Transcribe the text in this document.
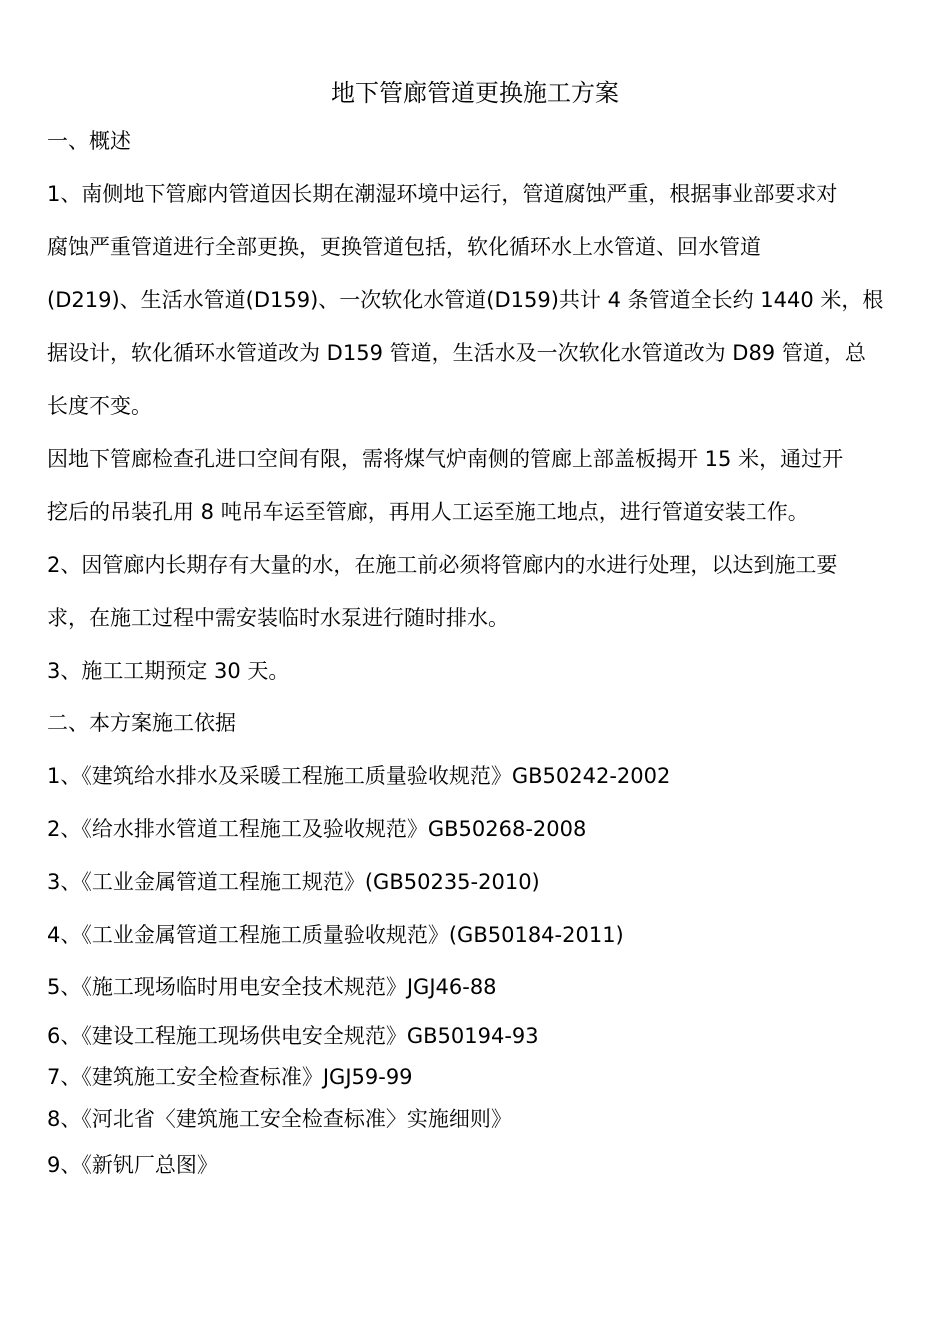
地下管廊管道更换施工方案
一、概述
1、南侧地下管廊内管道因长期在潮湿环境中运行，管道腐蚀严重，根据事业部要求对
腐蚀严重管道进行全部更换，更换管道包括，软化循环水上水管道、回水管道
(D219)、生活水管道(D159)、一次软化水管道(D159)共计 4 条管道全长约 1440 米，根
据设计，软化循环水管道改为 D159 管道，生活水及一次软化水管道改为 D89 管道，总
长度不变。
因地下管廊检查孔进口空间有限，需将煤气炉南侧的管廊上部盖板揭开 15 米，通过开
挖后的吊装孔用 8 吨吊车运至管廊，再用人工运至施工地点，进行管道安装工作。
2、因管廊内长期存有大量的水，在施工前必须将管廊内的水进行处理，以达到施工要
求，在施工过程中需安装临时水泵进行随时排水。
3、施工工期预定 30 天。
二、本方案施工依据
1、《建筑给水排水及采暖工程施工质量验收规范》GB50242-2002
2、《给水排水管道工程施工及验收规范》GB50268-2008
3、《工业金属管道工程施工规范》(GB50235-2010)
4、《工业金属管道工程施工质量验收规范》(GB50184-2011)
5、《施工现场临时用电安全技术规范》JGJ46-88
6、《建设工程施工现场供电安全规范》GB50194-93
7、《建筑施工安全检查标准》JGJ59-99
8、《河北省〈建筑施工安全检查标准〉实施细则》
9、《新钒厂总图》
